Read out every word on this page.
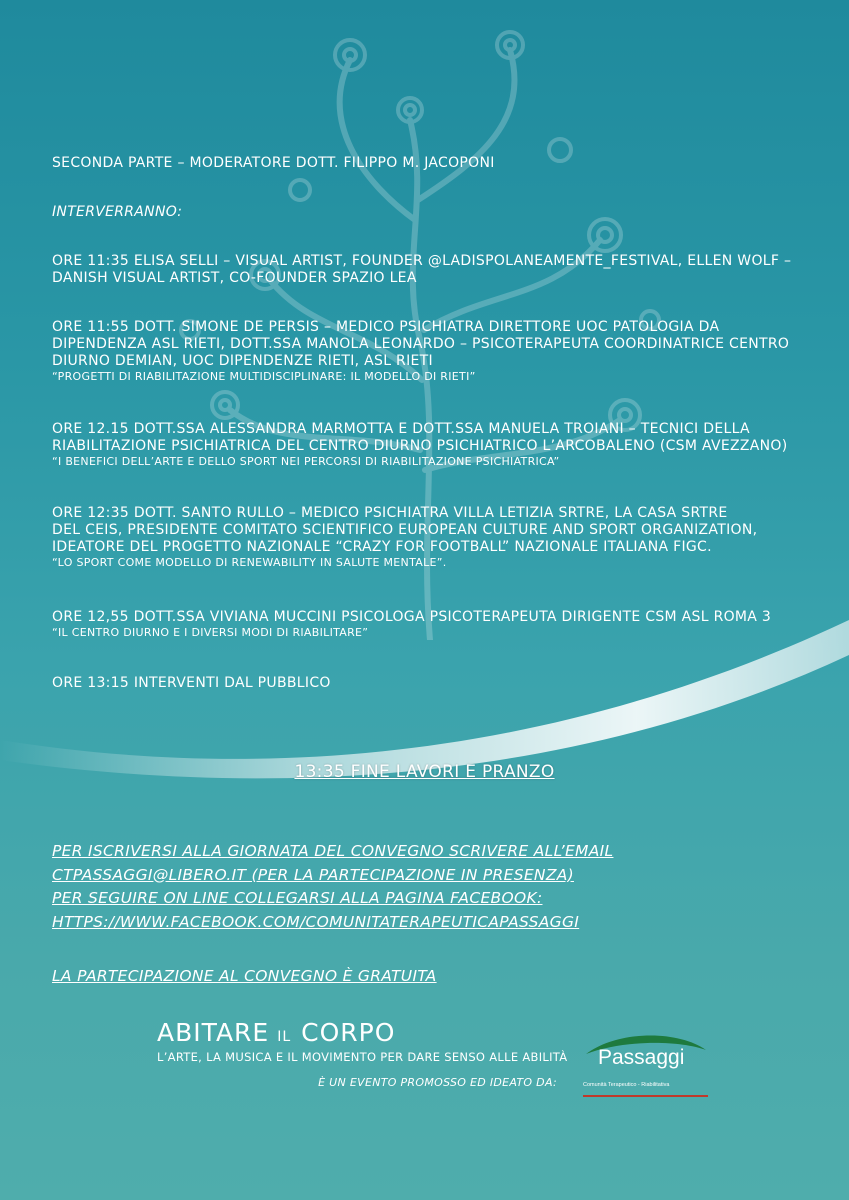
SECONDA PARTE – MODERATORE DOTT. FILIPPO M. JACOPONI
INTERVERRANNO:
ORE 11:35 ELISA SELLI – VISUAL ARTIST, FOUNDER @LADISPOLANEAMENTE_FESTIVAL, ELLEN WOLF –
DANISH VISUAL ARTIST, CO-FOUNDER SPAZIO LEA
ORE 11:55 DOTT. SIMONE DE PERSIS – MEDICO PSICHIATRA DIRETTORE UOC PATOLOGIA DA
DIPENDENZA ASL RIETI, DOTT.SSA MANOLA LEONARDO – PSICOTERAPEUTA COORDINATRICE CENTRO
DIURNO DEMIAN, UOC DIPENDENZE RIETI, ASL RIETI
“PROGETTI DI RIABILITAZIONE MULTIDISCIPLINARE: IL MODELLO DI RIETI”
ORE 12.15 DOTT.SSA ALESSANDRA MARMOTTA E DOTT.SSA MANUELA TROIANI – TECNICI DELLA
RIABILITAZIONE PSICHIATRICA DEL CENTRO DIURNO PSICHIATRICO L’ARCOBALENO (CSM AVEZZANO)
“I BENEFICI DELL’ARTE E DELLO SPORT NEI PERCORSI DI RIABILITAZIONE PSICHIATRICA”
ORE 12:35 DOTT. SANTO RULLO – MEDICO PSICHIATRA VILLA LETIZIA SRTRE, LA CASA SRTRE
DEL CEIS, PRESIDENTE COMITATO SCIENTIFICO EUROPEAN CULTURE AND SPORT ORGANIZATION,
IDEATORE DEL PROGETTO NAZIONALE “CRAZY FOR FOOTBALL” NAZIONALE ITALIANA FIGC.
“LO SPORT COME MODELLO DI RENEWABILITY IN SALUTE MENTALE”.
ORE 12,55 DOTT.SSA VIVIANA MUCCINI PSICOLOGA PSICOTERAPEUTA DIRIGENTE CSM ASL ROMA 3
“IL CENTRO DIURNO E I DIVERSI MODI DI RIABILITARE”
ORE 13:15 INTERVENTI DAL PUBBLICO
13:35 FINE LAVORI E PRANZO
PER ISCRIVERSI ALLA GIORNATA DEL CONVEGNO SCRIVERE ALL’EMAIL
CTPASSAGGI@LIBERO.IT (PER LA PARTECIPAZIONE IN PRESENZA)
PER SEGUIRE ON LINE COLLEGARSI ALLA PAGINA FACEBOOK:
HTTPS://WWW.FACEBOOK.COM/COMUNITATERAPEUTICAPASSAGGI
LA PARTECIPAZIONE AL CONVEGNO È GRATUITA
ABITARE IL CORPO
L’ARTE, LA MUSICA E IL MOVIMENTO PER DARE SENSO ALLE ABILITÀ
È UN EVENTO PROMOSSO ED IDEATO DA:
Passaggi
Comunità Terapeutico - Riabilitativa
